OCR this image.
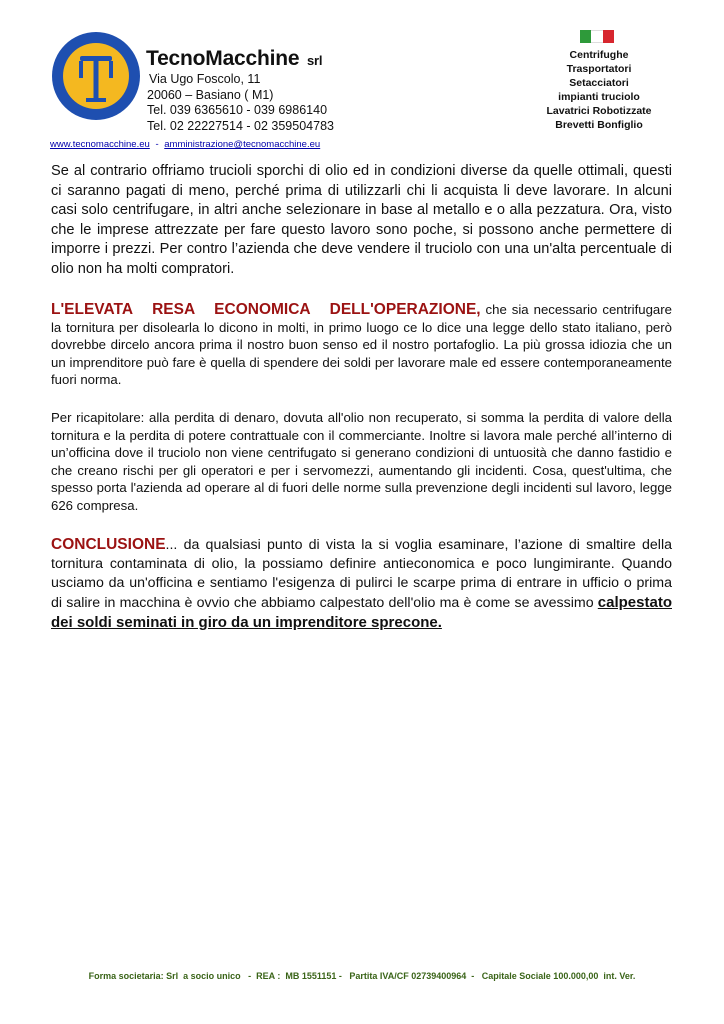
TecnoMacchine srl
Via Ugo Foscolo, 11
20060 – Basiano ( M1)
Tel. 039 6365610 - 039 6986140
Tel. 02 22227514 - 02 359504783
www.tecnomacchine.eu - amministrazione@tecnomacchine.eu
Centrifughe
Trasportatori
Setacciatori
impianti truciolo
Lavatrici Robotizzate
Brevetti Bonfiglio

Se al contrario offriamo trucioli sporchi di olio ed in condizioni diverse da quelle ottimali, questi ci saranno pagati di meno, perché prima di utilizzarli chi li acquista li deve lavorare. In alcuni casi solo centrifugare, in altri anche selezionare in base al metallo e o alla pezzatura. Ora, visto che le imprese attrezzate per fare questo lavoro sono poche, si possono anche permettere di imporre i prezzi. Per contro l’azienda che deve vendere il truciolo con una un'alta percentuale di olio non ha molti compratori.

L'ELEVATA RESA ECONOMICA DELL'OPERAZIONE, che sia necessario centrifugare la tornitura per disolearla lo dicono in molti, in primo luogo ce lo dice una legge dello stato italiano, però dovrebbe dircelo ancora prima il nostro buon senso ed il nostro portafoglio. La più grossa idiozia che un un imprenditore può fare è quella di spendere dei soldi per lavorare male ed essere contemporaneamente fuori norma.

Per ricapitolare: alla perdita di denaro, dovuta all'olio non recuperato, si somma la perdita di valore della tornitura e la perdita di potere contrattuale con il commerciante. Inoltre si lavora male perché all’interno di un’officina dove il truciolo non viene centrifugato si generano condizioni di untuosità che danno fastidio e che creano rischi per gli operatori e per i servomezzi, aumentando gli incidenti. Cosa, quest'ultima, che spesso porta l'azienda ad operare al di fuori delle norme sulla prevenzione degli incidenti sul lavoro, legge 626 compresa.

CONCLUSIONE... da qualsiasi punto di vista la si voglia esaminare, l’azione di smaltire della tornitura contaminata di olio, la possiamo definire antieconomica e poco lungimirante. Quando usciamo da un'officina e sentiamo l'esigenza di pulirci le scarpe prima di entrare in ufficio o prima di salire in macchina è ovvio che abbiamo calpestato dell'olio ma è come se avessimo calpestato dei soldi seminati in giro da un imprenditore sprecone.

Forma societaria: Srl  a socio unico   -  REA :  MB 1551151 -   Partita IVA/CF 02739400964  -   Capitale Sociale 100.000,00  int. Ver.
